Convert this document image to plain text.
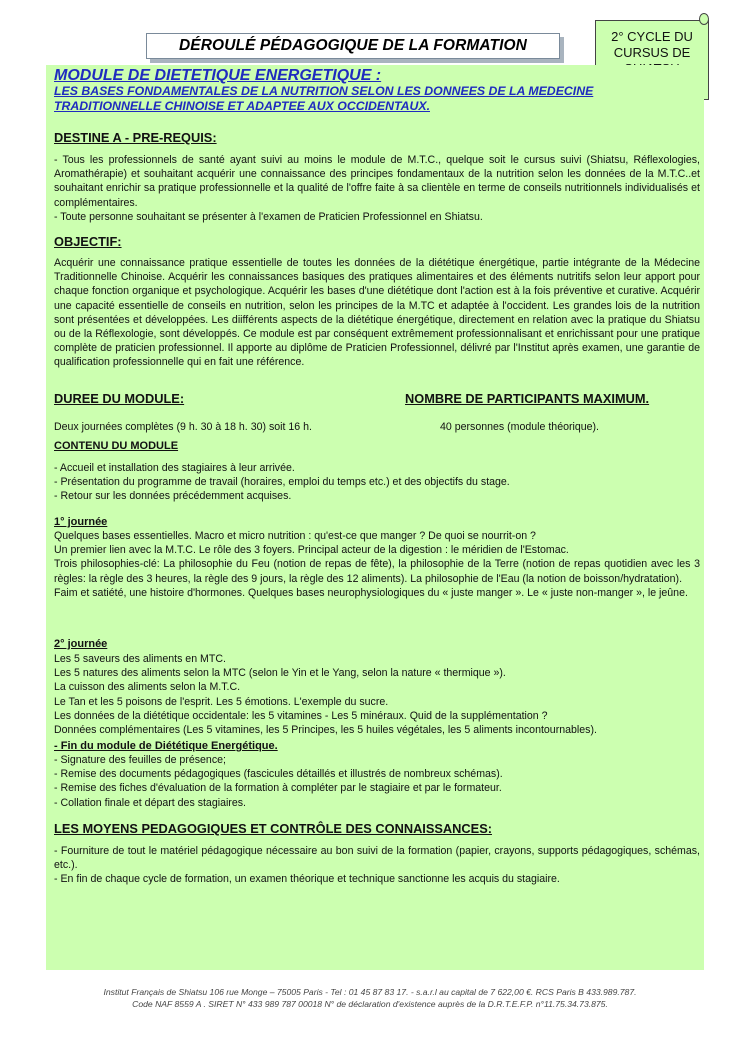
DÉROULÉ PÉDAGOGIQUE DE LA FORMATION
2° CYCLE DU
CURSUS DE
MODULE DE DIETETIQUE ENERGETIQUE :
LES BASES FONDAMENTALES DE LA NUTRITION SELON LES DONNEES DE LA MEDECINE TRADITIONNELLE CHINOISE ET ADAPTEE AUX OCCIDENTAUX.
DESTINE A - PRE-REQUIS:
- Tous les professionnels de santé ayant suivi au moins le module de M.T.C., quelque soit le cursus suivi (Shiatsu, Réflexologies, Aromathérapie) et souhaitant acquérir une connaissance des principes fondamentaux de la nutrition selon les données de la M.T.C..et souhaitant enrichir sa pratique professionnelle et la qualité de l'offre faite à sa clientèle en terme de conseils nutritionnels individualisés et complémentaires.
- Toute personne souhaitant se présenter à l'examen de Praticien Professionnel en Shiatsu.
OBJECTIF:
Acquérir une connaissance pratique essentielle de toutes les données de la diététique énergétique, partie intégrante de la Médecine Traditionnelle Chinoise. Acquérir les connaissances basiques des pratiques alimentaires et des éléments nutritifs selon leur apport pour chaque fonction organique et psychologique. Acquérir les bases d'une diététique dont l'action est à la fois préventive et curative. Acquérir une capacité essentielle de conseils en nutrition, selon les principes de la M.TC et adaptée à l'occident. Les grandes lois de la nutrition sont présentées et développées. Les diifférents aspects de la diététique énergétique, directement en relation avec la pratique du Shiatsu ou de la Réflexologie, sont développés. Ce module est par conséquent extrêmement professionnalisant et enrichissant pour une pratique complète de praticien professionnel. Il apporte au diplôme de Praticien Professionnel, délivré par l'Institut après examen, une garantie de qualification professionnelle qui en fait une référence.
DUREE DU MODULE:	NOMBRE DE PARTICIPANTS MAXIMUM.
Deux journées complètes (9 h. 30 à 18 h. 30) soit 16 h.	40 personnes (module théorique).
CONTENU DU MODULE
- Accueil et installation des stagiaires à leur arrivée.
- Présentation du programme de travail (horaires, emploi du temps etc.) et des objectifs du stage.
- Retour sur les données précédemment acquises.
1° journée
Quelques bases essentielles. Macro et micro nutrition : qu'est-ce que manger ? De quoi se nourrit-on ?
Un premier lien avec la M.T.C. Le rôle des 3 foyers. Principal acteur de la digestion : le méridien de l'Estomac.
Trois philosophies-clé: La philosophie du Feu (notion de repas de fête), la philosophie de la Terre (notion de repas quotidien avec les 3 règles: la règle des 3 heures, la règle des 9 jours, la règle des 12 aliments). La philosophie de l'Eau (la notion de boisson/hydratation).
Faim et satiété, une histoire d'hormones. Quelques bases neurophysiologiques du « juste manger ». Le « juste non-manger », le jeûne.
2° journée
Les 5 saveurs des aliments en MTC.
Les 5 natures des aliments selon la MTC (selon le Yin et le Yang, selon la nature « thermique »).
La cuisson des aliments selon la M.T.C.
Le Tan et les 5 poisons de l'esprit. Les 5 émotions. L'exemple du sucre.
Les données de la diététique occidentale: les 5 vitamines - Les 5 minéraux. Quid de la supplémentation ?
Données complémentaires (Les 5 vitamines, les 5 Principes, les 5 huiles végétales, les 5 aliments incontournables).
- Fin du module de Diététique Energétique.
- Signature des feuilles de présence;
- Remise des documents pédagogiques (fascicules détaillés et illustrés de nombreux schémas).
- Remise des fiches d'évaluation de la formation à compléter par le stagiaire et par le formateur.
- Collation finale et départ des stagiaires.
LES MOYENS PEDAGOGIQUES ET CONTRÔLE DES CONNAISSANCES:
- Fourniture de tout le matériel pédagogique nécessaire au bon suivi de la formation (papier, crayons, supports pédagogiques, schémas, etc.).
- En fin de chaque cycle de formation, un examen théorique et technique sanctionne les acquis du stagiaire.
Institut Français de Shiatsu 106 rue Monge – 75005 Paris - Tel : 01 45 87 83 17. - s.a.r.l au capital de 7 622,00 €. RCS Paris B 433.989.787.
Code NAF 8559 A . SIRET N° 433 989 787 00018 N° de déclaration d'existence auprès de la D.R.T.E.F.P. n°11.75.34.73.875.
